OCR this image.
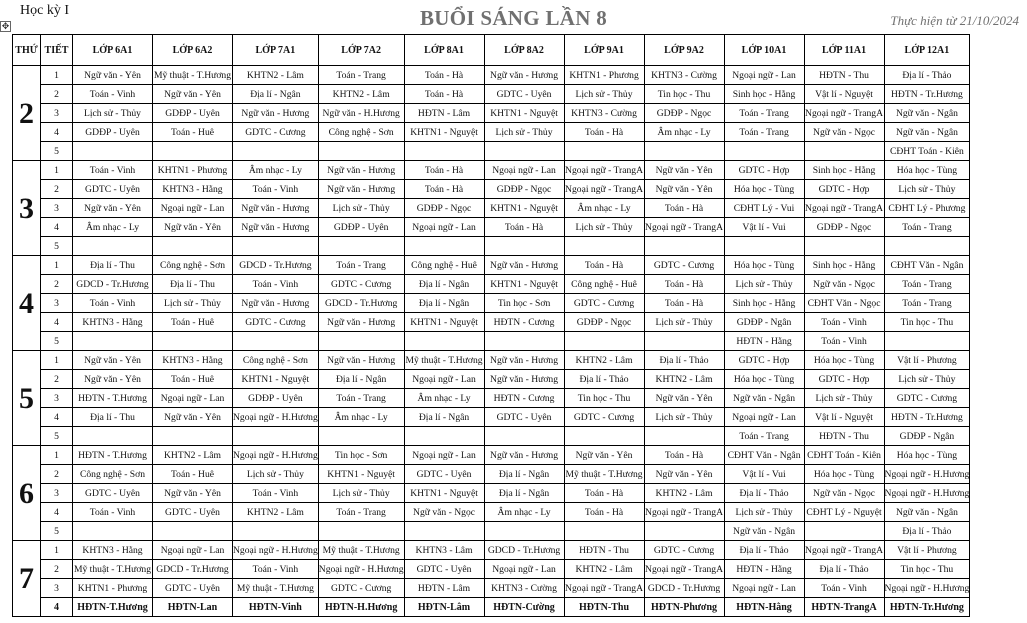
Học kỳ I
✥	BUỔI SÁNG LẦN 8	Thực hiện từ 21/10/2024
THỨ	TIẾT	LỚP 6A1	LỚP 6A2	LỚP 7A1	LỚP 7A2	LỚP 8A1	LỚP 8A2	LỚP 9A1	LỚP 9A2	LỚP 10A1	LỚP 11A1	LỚP 12A1
2	1	Ngữ văn - Yên	Mỹ thuật - T.Hương	KHTN2 - Lâm	Toán - Trang	Toán - Hà	Ngữ văn - Hương	KHTN1 - Phương	KHTN3 - Cường	Ngoại ngữ - Lan	HĐTN - Thu	Địa lí - Thảo
	2	Toán - Vinh	Ngữ văn - Yên	Địa lí - Ngân	KHTN2 - Lâm	Toán - Hà	GDTC - Uyên	Lịch sử - Thủy	Tin học - Thu	Sinh học - Hằng	Vật lí - Nguyệt	HĐTN - Tr.Hương
	3	Lịch sử - Thủy	GDĐP - Uyên	Ngữ văn - Hương	Ngữ văn - H.Hương	HĐTN - Lâm	KHTN1 - Nguyệt	KHTN3 - Cường	GDĐP - Ngọc	Toán - Trang	Ngoại ngữ - TrangA	Ngữ văn - Ngân
	4	GDĐP - Uyên	Toán - Huê	GDTC - Cương	Công nghệ - Sơn	KHTN1 - Nguyệt	Lịch sử - Thủy	Toán - Hà	Âm nhạc - Ly	Toán - Trang	Ngữ văn - Ngọc	Ngữ văn - Ngân
	5											CĐHT Toán - Kiên
3	1	Toán - Vinh	KHTN1 - Phương	Âm nhạc - Ly	Ngữ văn - Hương	Toán - Hà	Ngoại ngữ - Lan	Ngoại ngữ - TrangA	Ngữ văn - Yên	GDTC - Hợp	Sinh học - Hằng	Hóa học - Tùng
	2	GDTC - Uyên	KHTN3 - Hằng	Toán - Vinh	Ngữ văn - Hương	Toán - Hà	GDĐP - Ngọc	Ngoại ngữ - TrangA	Ngữ văn - Yên	Hóa học - Tùng	GDTC - Hợp	Lịch sử - Thủy
	3	Ngữ văn - Yên	Ngoại ngữ - Lan	Ngữ văn - Hương	Lịch sử - Thủy	GDĐP - Ngọc	KHTN1 - Nguyệt	Âm nhạc - Ly	Toán - Hà	CĐHT Lý - Vui	Ngoại ngữ - TrangA	CĐHT Lý - Phương
	4	Âm nhạc - Ly	Ngữ văn - Yên	Ngữ văn - Hương	GDĐP - Uyên	Ngoại ngữ - Lan	Toán - Hà	Lịch sử - Thủy	Ngoại ngữ - TrangA	Vật lí - Vui	GDĐP - Ngọc	Toán - Trang
	5											
4	1	Địa lí - Thu	Công nghệ - Sơn	GDCD - Tr.Hương	Toán - Trang	Công nghệ - Huê	Ngữ văn - Hương	Toán - Hà	GDTC - Cương	Hóa học - Tùng	Sinh học - Hằng	CĐHT Văn - Ngân
	2	GDCD - Tr.Hương	Địa lí - Thu	Toán - Vinh	GDTC - Cương	Địa lí - Ngân	KHTN1 - Nguyệt	Công nghệ - Huê	Toán - Hà	Lịch sử - Thủy	Ngữ văn - Ngọc	Toán - Trang
	3	Toán - Vinh	Lịch sử - Thủy	Ngữ văn - Hương	GDCD - Tr.Hương	Địa lí - Ngân	Tin học - Sơn	GDTC - Cương	Toán - Hà	Sinh học - Hằng	CĐHT Văn - Ngọc	Toán - Trang
	4	KHTN3 - Hằng	Toán - Huê	GDTC - Cương	Ngữ văn - Hương	KHTN1 - Nguyệt	HĐTN - Cương	GDĐP - Ngọc	Lịch sử - Thủy	GDĐP - Ngân	Toán - Vinh	Tin học - Thu
	5									HĐTN - Hằng	Toán - Vinh	
5	1	Ngữ văn - Yên	KHTN3 - Hằng	Công nghệ - Sơn	Ngữ văn - Hương	Mỹ thuật - T.Hương	Ngữ văn - Hương	KHTN2 - Lâm	Địa lí - Thảo	GDTC - Hợp	Hóa học - Tùng	Vật lí - Phương
	2	Ngữ văn - Yên	Toán - Huê	KHTN1 - Nguyệt	Địa lí - Ngân	Ngoại ngữ - Lan	Ngữ văn - Hương	Địa lí - Thảo	KHTN2 - Lâm	Hóa học - Tùng	GDTC - Hợp	Lịch sử - Thủy
	3	HĐTN - T.Hương	Ngoại ngữ - Lan	GDĐP - Uyên	Toán - Trang	Âm nhạc - Ly	HĐTN - Cương	Tin học - Thu	Ngữ văn - Yên	Ngữ văn - Ngân	Lịch sử - Thủy	GDTC - Cương
	4	Địa lí - Thu	Ngữ văn - Yên	Ngoại ngữ - H.Hương	Âm nhạc - Ly	Địa lí - Ngân	GDTC - Uyên	GDTC - Cương	Lịch sử - Thủy	Ngoại ngữ - Lan	Vật lí - Nguyệt	HĐTN - Tr.Hương
	5									Toán - Trang	HĐTN - Thu	GDĐP - Ngân
6	1	HĐTN - T.Hương	KHTN2 - Lâm	Ngoại ngữ - H.Hương	Tin học - Sơn	Ngoại ngữ - Lan	Ngữ văn - Hương	Ngữ văn - Yên	Toán - Hà	CĐHT Văn - Ngân	CĐHT Toán - Kiên	Hóa học - Tùng
	2	Công nghệ - Sơn	Toán - Huê	Lịch sử - Thủy	KHTN1 - Nguyệt	GDTC - Uyên	Địa lí - Ngân	Mỹ thuật - T.Hương	Ngữ văn - Yên	Vật lí - Vui	Hóa học - Tùng	Ngoại ngữ - H.Hương
	3	GDTC - Uyên	Ngữ văn - Yên	Toán - Vinh	Lịch sử - Thủy	KHTN1 - Nguyệt	Địa lí - Ngân	Toán - Hà	KHTN2 - Lâm	Địa lí - Thảo	Ngữ văn - Ngọc	Ngoại ngữ - H.Hương
	4	Toán - Vinh	GDTC - Uyên	KHTN2 - Lâm	Toán - Trang	Ngữ văn - Ngọc	Âm nhạc - Ly	Toán - Hà	Ngoại ngữ - TrangA	Lịch sử - Thủy	CĐHT Lý - Nguyệt	Ngữ văn - Ngân
	5									Ngữ văn - Ngân		Địa lí - Thảo
7	1	KHTN3 - Hằng	Ngoại ngữ - Lan	Ngoại ngữ - H.Hương	Mỹ thuật - T.Hương	KHTN3 - Lâm	GDCD - Tr.Hương	HĐTN - Thu	GDTC - Cương	Địa lí - Thảo	Ngoại ngữ - TrangA	Vật lí - Phương
	2	Mỹ thuật - T.Hương	GDCD - Tr.Hương	Toán - Vinh	Ngoại ngữ - H.Hương	GDTC - Uyên	Ngoại ngữ - Lan	KHTN2 - Lâm	Ngoại ngữ - TrangA	HĐTN - Hằng	Địa lí - Thảo	Tin học - Thu
	3	KHTN1 - Phương	GDTC - Uyên	Mỹ thuật - T.Hương	GDTC - Cương	HĐTN - Lâm	KHTN3 - Cường	Ngoại ngữ - TrangA	GDCD - Tr.Hương	Ngoại ngữ - Lan	Toán - Vinh	Ngoại ngữ - H.Hương
	4	HĐTN-T.Hương	HĐTN-Lan	HĐTN-Vinh	HĐTN-H.Hương	HĐTN-Lâm	HĐTN-Cường	HĐTN-Thu	HĐTN-Phương	HĐTN-Hằng	HĐTN-TrangA	HĐTN-Tr.Hương
